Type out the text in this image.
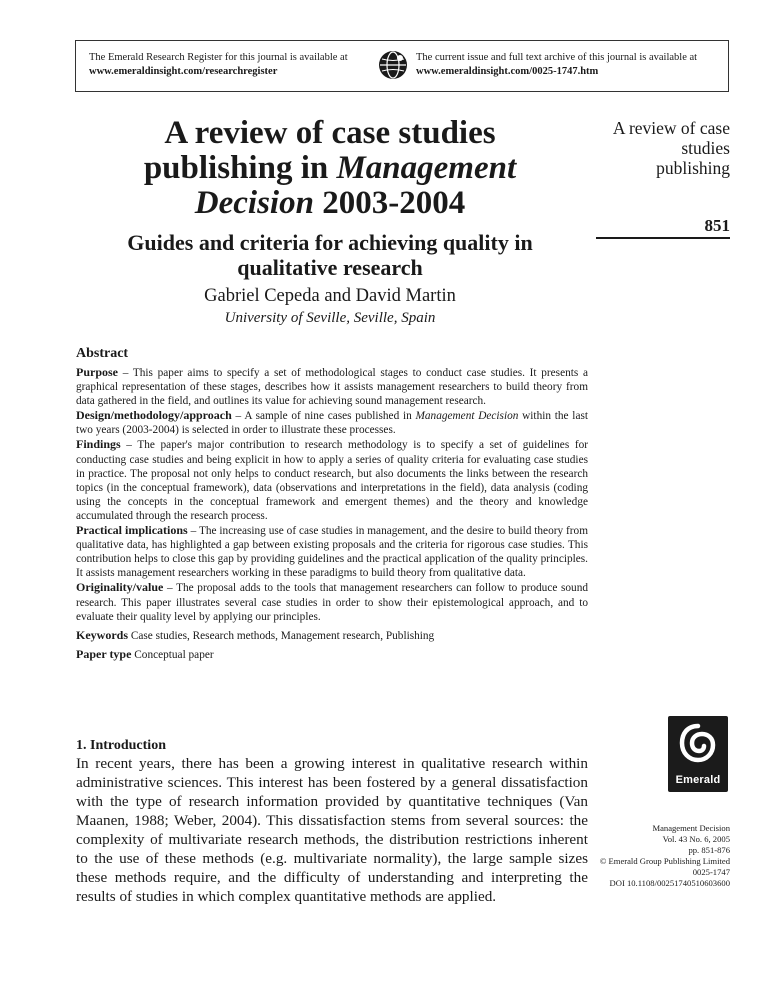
The Emerald Research Register for this journal is available at
www.emeraldinsight.com/researchregister
The current issue and full text archive of this journal is available at
www.emeraldinsight.com/0025-1747.htm
A review of case studies
publishing in Management
Decision 2003-2004
Guides and criteria for achieving quality in
qualitative research
Gabriel Cepeda and David Martin
University of Seville, Seville, Spain
Abstract

Purpose – This paper aims to specify a set of methodological stages to conduct case studies. It presents a graphical representation of these stages, describes how it assists management researchers to build theory from data gathered in the field, and outlines its value for achieving sound management research.

Design/methodology/approach – A sample of nine cases published in Management Decision within the last two years (2003-2004) is selected in order to illustrate these processes.

Findings – The paper's major contribution to research methodology is to specify a set of guidelines for conducting case studies and being explicit in how to apply a series of quality criteria for evaluating case studies in practice. The proposal not only helps to conduct research, but also documents the links between the research topics (in the conceptual framework), data (observations and interpretations in the field), data analysis (coding using the concepts in the conceptual framework and emergent themes) and the theory and knowledge accumulated through the research process.

Practical implications – The increasing use of case studies in management, and the desire to build theory from qualitative data, has highlighted a gap between existing proposals and the criteria for rigorous case studies. This contribution helps to close this gap by providing guidelines and the practical application of the quality principles. It assists management researchers working in these paradigms to build theory from qualitative data.

Originality/value – The proposal adds to the tools that management researchers can follow to produce sound research. This paper illustrates several case studies in order to show their epistemological approach, and to evaluate their quality level by applying our principles.

Keywords Case studies, Research methods, Management research, Publishing

Paper type Conceptual paper

1. Introduction

In recent years, there has been a growing interest in qualitative research within administrative sciences. This interest has been fostered by a general dissatisfaction with the type of research information provided by quantitative techniques (Van Maanen, 1988; Weber, 2004). This dissatisfaction stems from several sources: the complexity of multivariate research methods, the distribution restrictions inherent to the use of these methods (e.g. multivariate normality), the large sample sizes these methods require, and the difficulty of understanding and interpreting the results of studies in which complex quantitative methods are applied.

A review of case
studies
publishing
851
Emerald
Management Decision
Vol. 43 No. 6, 2005
pp. 851-876
© Emerald Group Publishing Limited
0025-1747
DOI 10.1108/00251740510603600
